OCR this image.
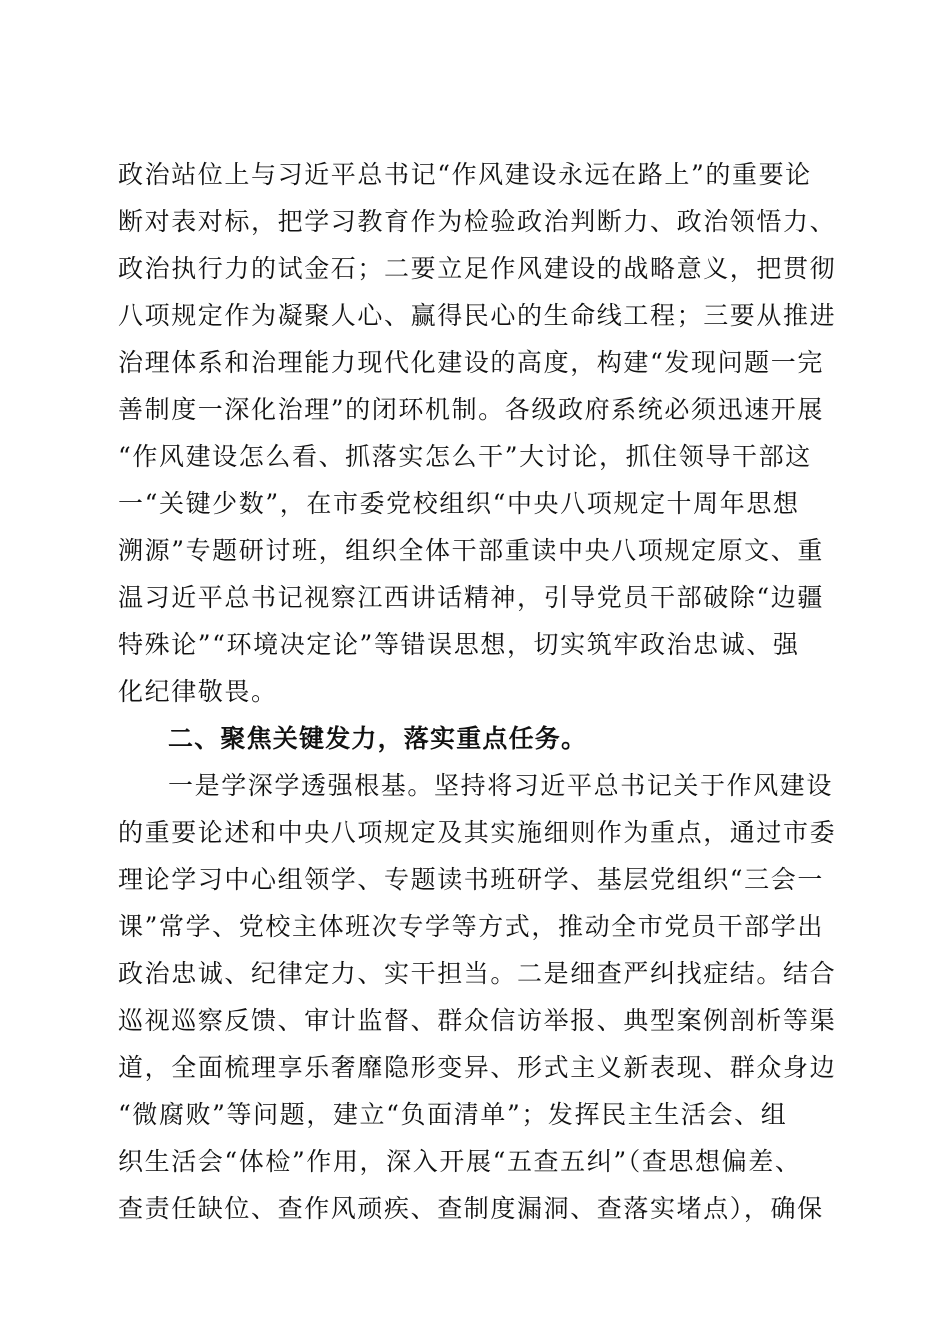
政治站位上与习近平总书记“作风建设永远在路上”的重要论
断对表对标，把学习教育作为检验政治判断力、政治领悟力、
政治执行力的试金石；二要立足作风建设的战略意义，把贯彻
八项规定作为凝聚人心、赢得民心的生命线工程；三要从推进
治理体系和治理能力现代化建设的高度，构建“发现问题一完
善制度一深化治理”的闭环机制。各级政府系统必须迅速开展
“作风建设怎么看、抓落实怎么干”大讨论，抓住领导干部这
一“关键少数”，在市委党校组织“中央八项规定十周年思想
溯源”专题研讨班，组织全体干部重读中央八项规定原文、重
温习近平总书记视察江西讲话精神，引导党员干部破除“边疆
特殊论”“环境决定论”等错误思想，切实筑牢政治忠诚、强
化纪律敬畏。
二、聚焦关键发力，落实重点任务。
一是学深学透强根基。坚持将习近平总书记关于作风建设
的重要论述和中央八项规定及其实施细则作为重点，通过市委
理论学习中心组领学、专题读书班研学、基层党组织“三会一
课”常学、党校主体班次专学等方式，推动全市党员干部学出
政治忠诚、纪律定力、实干担当。二是细查严纠找症结。结合
巡视巡察反馈、审计监督、群众信访举报、典型案例剖析等渠
道，全面梳理享乐奢靡隐形变异、形式主义新表现、群众身边
“微腐败”等问题，建立“负面清单”；发挥民主生活会、组
织生活会“体检”作用，深入开展“五查五纠”（查思想偏差、
查责任缺位、查作风顽疾、查制度漏洞、查落实堵点），确保
